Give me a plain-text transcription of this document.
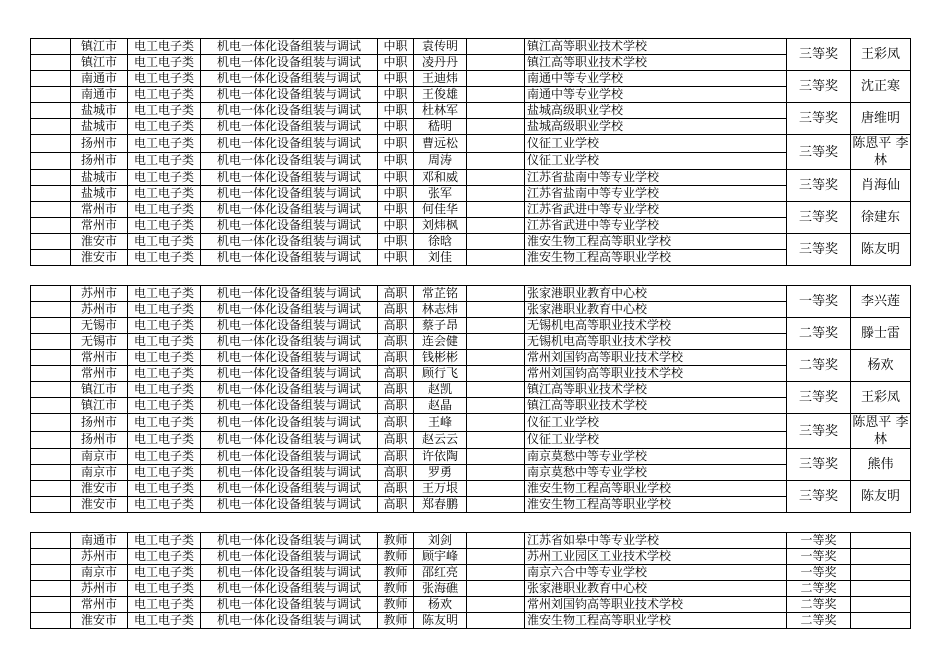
	镇江市	电工电子类	机电一体化设备组装与调试	中职	袁传明		镇江高等职业技术学校	三等奖	王彩凤
	镇江市	电工电子类	机电一体化设备组装与调试	中职	凌丹丹		镇江高等职业技术学校		
	南通市	电工电子类	机电一体化设备组装与调试	中职	王迪炜		南通中等专业学校	三等奖	沈正寒
	南通市	电工电子类	机电一体化设备组装与调试	中职	王俊雄		南通中等专业学校		
	盐城市	电工电子类	机电一体化设备组装与调试	中职	杜林军		盐城高级职业学校	三等奖	唐维明
	盐城市	电工电子类	机电一体化设备组装与调试	中职	嵇明		盐城高级职业学校		
	扬州市	电工电子类	机电一体化设备组装与调试	中职	曹远松		仪征工业学校	三等奖	陈恩平 李林
	扬州市	电工电子类	机电一体化设备组装与调试	中职	周涛		仪征工业学校		
	盐城市	电工电子类	机电一体化设备组装与调试	中职	邓和威		江苏省盐南中等专业学校	三等奖	肖海仙
	盐城市	电工电子类	机电一体化设备组装与调试	中职	张军		江苏省盐南中等专业学校		
	常州市	电工电子类	机电一体化设备组装与调试	中职	何佳华		江苏省武进中等专业学校	三等奖	徐建东
	常州市	电工电子类	机电一体化设备组装与调试	中职	刘炜枫		江苏省武进中等专业学校		
	淮安市	电工电子类	机电一体化设备组装与调试	中职	徐晗		淮安生物工程高等职业学校	三等奖	陈友明
	淮安市	电工电子类	机电一体化设备组装与调试	中职	刘佳		淮安生物工程高等职业学校		
	苏州市	电工电子类	机电一体化设备组装与调试	高职	常芷铭		张家港职业教育中心校	一等奖	李兴莲
	苏州市	电工电子类	机电一体化设备组装与调试	高职	林志炜		张家港职业教育中心校		
	无锡市	电工电子类	机电一体化设备组装与调试	高职	蔡子昂		无锡机电高等职业技术学校	二等奖	滕士雷
	无锡市	电工电子类	机电一体化设备组装与调试	高职	连会健		无锡机电高等职业技术学校		
	常州市	电工电子类	机电一体化设备组装与调试	高职	钱彬彬		常州刘国钧高等职业技术学校	二等奖	杨欢
	常州市	电工电子类	机电一体化设备组装与调试	高职	顾行飞		常州刘国钧高等职业技术学校		
	镇江市	电工电子类	机电一体化设备组装与调试	高职	赵凯		镇江高等职业技术学校	三等奖	王彩凤
	镇江市	电工电子类	机电一体化设备组装与调试	高职	赵晶		镇江高等职业技术学校		
	扬州市	电工电子类	机电一体化设备组装与调试	高职	王峰		仪征工业学校	三等奖	陈恩平 李林
	扬州市	电工电子类	机电一体化设备组装与调试	高职	赵云云		仪征工业学校		
	南京市	电工电子类	机电一体化设备组装与调试	高职	许依陶		南京莫愁中等专业学校	三等奖	熊伟
	南京市	电工电子类	机电一体化设备组装与调试	高职	罗勇		南京莫愁中等专业学校		
	淮安市	电工电子类	机电一体化设备组装与调试	高职	王万垠		淮安生物工程高等职业学校	三等奖	陈友明
	淮安市	电工电子类	机电一体化设备组装与调试	高职	郑春鹏		淮安生物工程高等职业学校		
	南通市	电工电子类	机电一体化设备组装与调试	教师	刘剑		江苏省如皋中等专业学校	一等奖	
	苏州市	电工电子类	机电一体化设备组装与调试	教师	顾宇峰		苏州工业园区工业技术学校	一等奖	
	南京市	电工电子类	机电一体化设备组装与调试	教师	邵红亮		南京六合中等专业学校	一等奖	
	苏州市	电工电子类	机电一体化设备组装与调试	教师	张海礁		张家港职业教育中心校	二等奖	
	常州市	电工电子类	机电一体化设备组装与调试	教师	杨欢		常州刘国钧高等职业技术学校	二等奖	
	淮安市	电工电子类	机电一体化设备组装与调试	教师	陈友明		淮安生物工程高等职业学校	二等奖	
